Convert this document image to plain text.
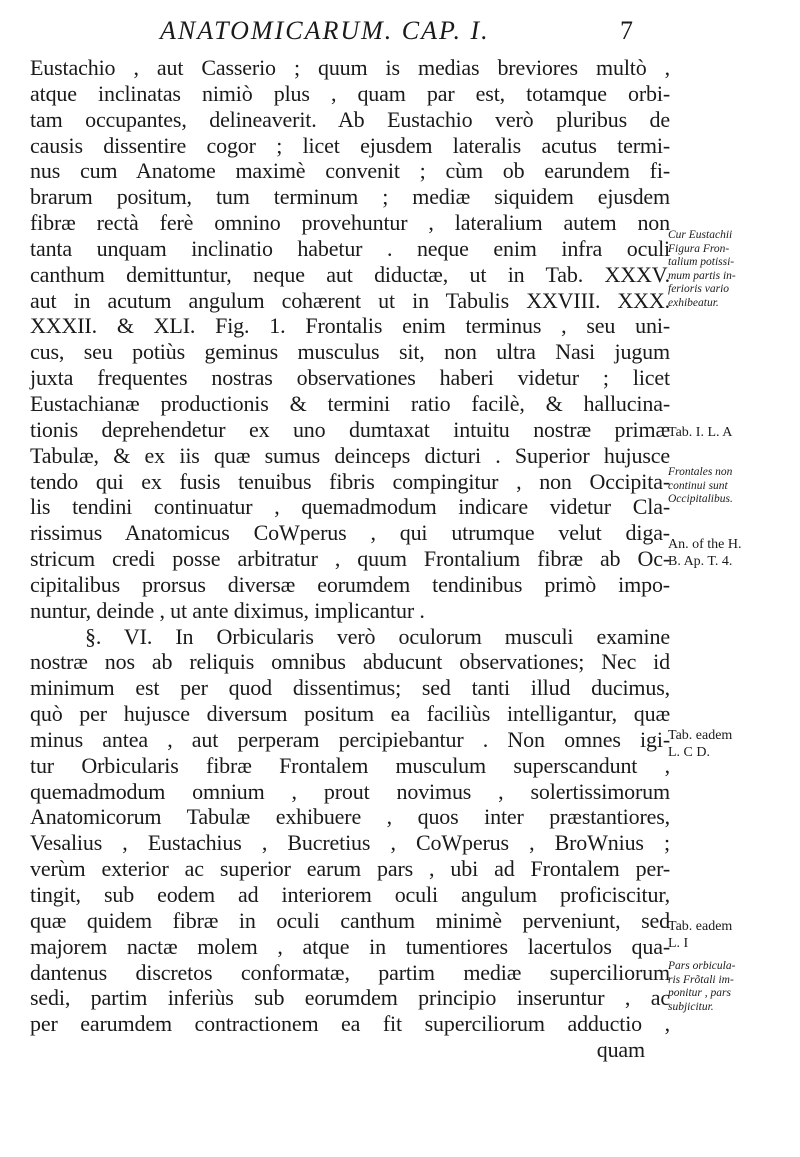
ANATOMICARUM. CAP. I.	7
Eustachio , aut Casserio ; quum is medias breviores multò ,
atque inclinatas nimiò plus , quam par est, totamque orbi-
tam occupantes, delineaverit. Ab Eustachio verò pluribus de
causis dissentire cogor ; licet ejusdem lateralis acutus termi-
nus cum Anatome maximè convenit ; cùm ob earundem fi-
brarum positum, tum terminum ; mediæ siquidem ejusdem
fibræ rectà ferè omnino provehuntur , lateralium autem non
tanta unquam inclinatio habetur . neque enim infra oculi
canthum demittuntur, neque aut diductæ, ut in Tab. XXXV.
aut in acutum angulum cohærent ut in Tabulis XXVIII. XXX.
XXXII. & XLI. Fig. 1. Frontalis enim terminus , seu uni-
cus, seu potiùs geminus musculus sit, non ultra Nasi jugum
juxta frequentes nostras observationes haberi videtur ; licet
Eustachianæ productionis & termini ratio facilè, & hallucina-
tionis deprehendetur ex uno dumtaxat intuitu nostræ primæ
Tabulæ, & ex iis quæ sumus deinceps dicturi . Superior hujusce
tendo qui ex fusis tenuibus fibris compingitur , non Occipita-
lis tendini continuatur , quemadmodum indicare videtur Cla-
rissimus Anatomicus CoWperus , qui utrumque velut diga-
stricum credi posse arbitratur , quum Frontalium fibræ ab Oc-
cipitalibus prorsus diversæ eorumdem tendinibus primò impo-
nuntur, deinde , ut ante diximus, implicantur .
§. VI. In Orbicularis verò oculorum musculi examine
nostræ nos ab reliquis omnibus abducunt observationes; Nec id
minimum est per quod dissentimus; sed tanti illud ducimus,
quò per hujusce diversum positum ea faciliùs intelligantur, quæ
minus antea , aut perperam percipiebantur . Non omnes igi-
tur Orbicularis fibræ Frontalem musculum superscandunt ,
quemadmodum omnium , prout novimus , solertissimorum
Anatomicorum Tabulæ exhibuere , quos inter præstantiores,
Vesalius , Eustachius , Bucretius , CoWperus , BroWnius ;
verùm exterior ac superior earum pars , ubi ad Frontalem per-
tingit, sub eodem ad interiorem oculi angulum proficiscitur,
quæ quidem fibræ in oculi canthum minimè perveniunt, sed
majorem nactæ molem , atque in tumentiores lacertulos qua-
dantenus discretos conformatæ, partim mediæ superciliorum
sedi, partim inferiùs sub eorumdem principio inseruntur , ac
per earumdem contractionem ea fit superciliorum adductio ,
quam
Cur Eustachii
Figura Fron-
talium potissi-
mum partis in-
ferioris vario
exhibeatur.
Tab. I. L. A
Frontales non
continui sunt
Occipitalibus.
An. of the H.
B. Ap. T. 4.
Tab. eadem
L. C D.
Tab. eadem
L. I
Pars orbicula-
ris Frõtali im-
ponitur , pars
subjicitur.
